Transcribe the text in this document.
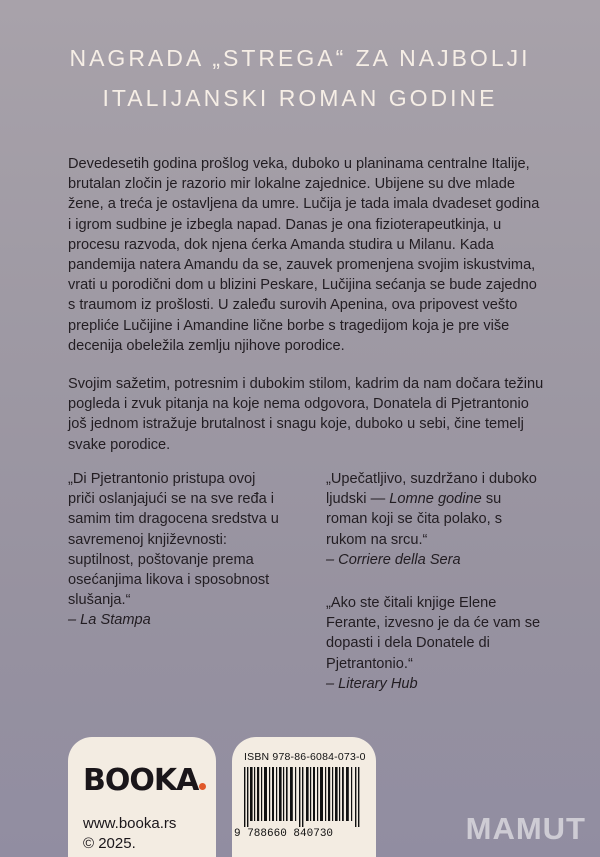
NAGRADA „STREGA“ ZA NAJBOLJI
ITALIJANSKI ROMAN GODINE

Devedesetih godina prošlog veka, duboko u planinama centralne Italije, brutalan zločin je razorio mir lokalne zajednice. Ubijene su dve mlade žene, a treća je ostavljena da umre. Lučija je tada imala dvadeset godina i igrom sudbine je izbegla napad. Danas je ona fizioterapeutkinja, u procesu razvoda, dok njena ćerka Amanda studira u Milanu. Kada pandemija natera Amandu da se, zauvek promenjena svojim iskustvima, vrati u porodični dom u blizini Peskare, Lučijina sećanja se bude zajedno s traumom iz prošlosti. U zaleđu surovih Apenina, ova pripovest vešto prepliće Lučijine i Amandine lične borbe s tragedijom koja je pre više decenija obeležila zemlju njihove porodice.

Svojim sažetim, potresnim i dubokim stilom, kadrim da nam dočara težinu pogleda i zvuk pitanja na koje nema odgovora, Donatela di Pjetrantonio još jednom istražuje brutalnost i snagu koje, duboko u sebi, čine temelj svake porodice.

„Di Pjetrantonio pristupa ovoj priči oslanjajući se na sve ređa i samim tim dragocena sredstva u savremenoj književnosti: suptilnost, poštovanje prema osećanjima likova i sposobnost slušanja.“
– La Stampa
„Upečatljivo, suzdržano i duboko ljudski — Lomne godine su roman koji se čita polako, s rukom na srcu.“
– Corriere della Sera
„Ako ste čitali knjige Elene Ferante, izvesno je da će vam se dopasti i dela Donatele di Pjetrantonio.“
– Literary Hub
BOOKA
www.booka.rs
© 2025.
ISBN 978-86-6084-073-0
9 788660 840730	MAMUT
